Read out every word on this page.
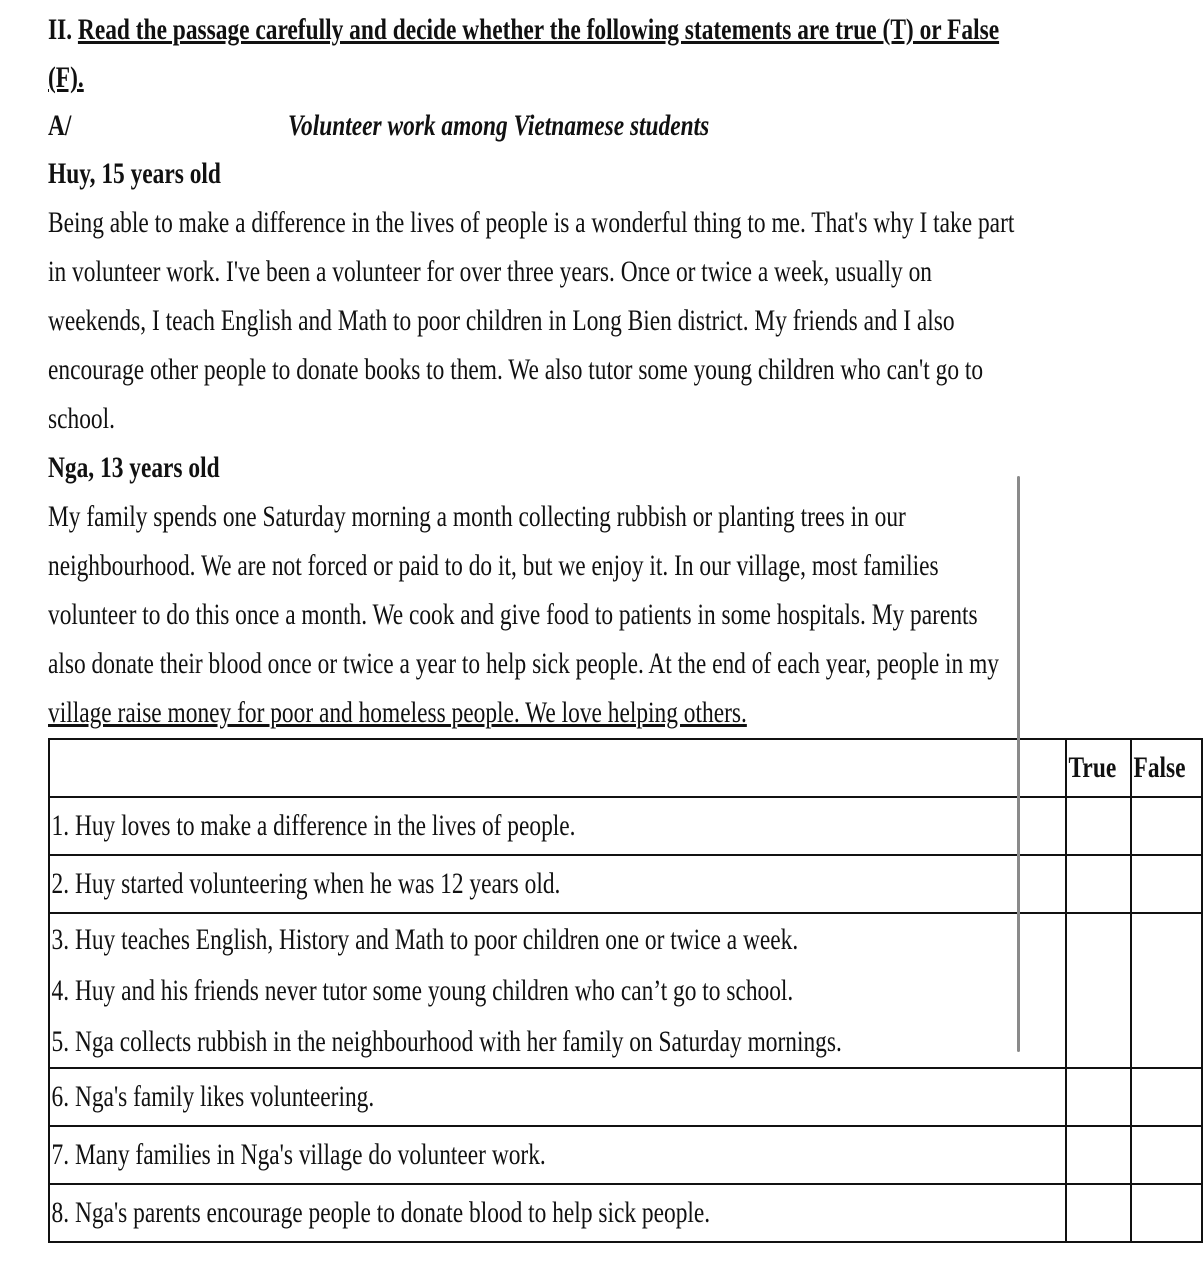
II. Read the passage carefully and decide whether the following statements are true (T) or False
(F).
A/	Volunteer work among Vietnamese students
Huy, 15 years old
Being able to make a difference in the lives of people is a wonderful thing to me. That's why I take part
in volunteer work. I've been a volunteer for over three years. Once or twice a week, usually on
weekends, I teach English and Math to poor children in Long Bien district. My friends and I also
encourage other people to donate books to them. We also tutor some young children who can't go to
school.
Nga, 13 years old
My family spends one Saturday morning a month collecting rubbish or planting trees in our
neighbourhood. We are not forced or paid to do it, but we enjoy it. In our village, most families
volunteer to do this once a month. We cook and give food to patients in some hospitals. My parents
also donate their blood once or twice a year to help sick people. At the end of each year, people in my
village raise money for poor and homeless people. We love helping others.

	True	False

1. Huy loves to make a difference in the lives of people.		

2. Huy started volunteering when he was 12 years old.		

3. Huy teaches English, History and Math to poor children one or twice a week.
4. Huy and his friends never tutor some young children who can’t go to school.
5. Nga collects rubbish in the neighbourhood with her family on Saturday mornings.		

6. Nga's family likes volunteering.		

7. Many families in Nga's village do volunteer work.		

8. Nga's parents encourage people to donate blood to help sick people.		
